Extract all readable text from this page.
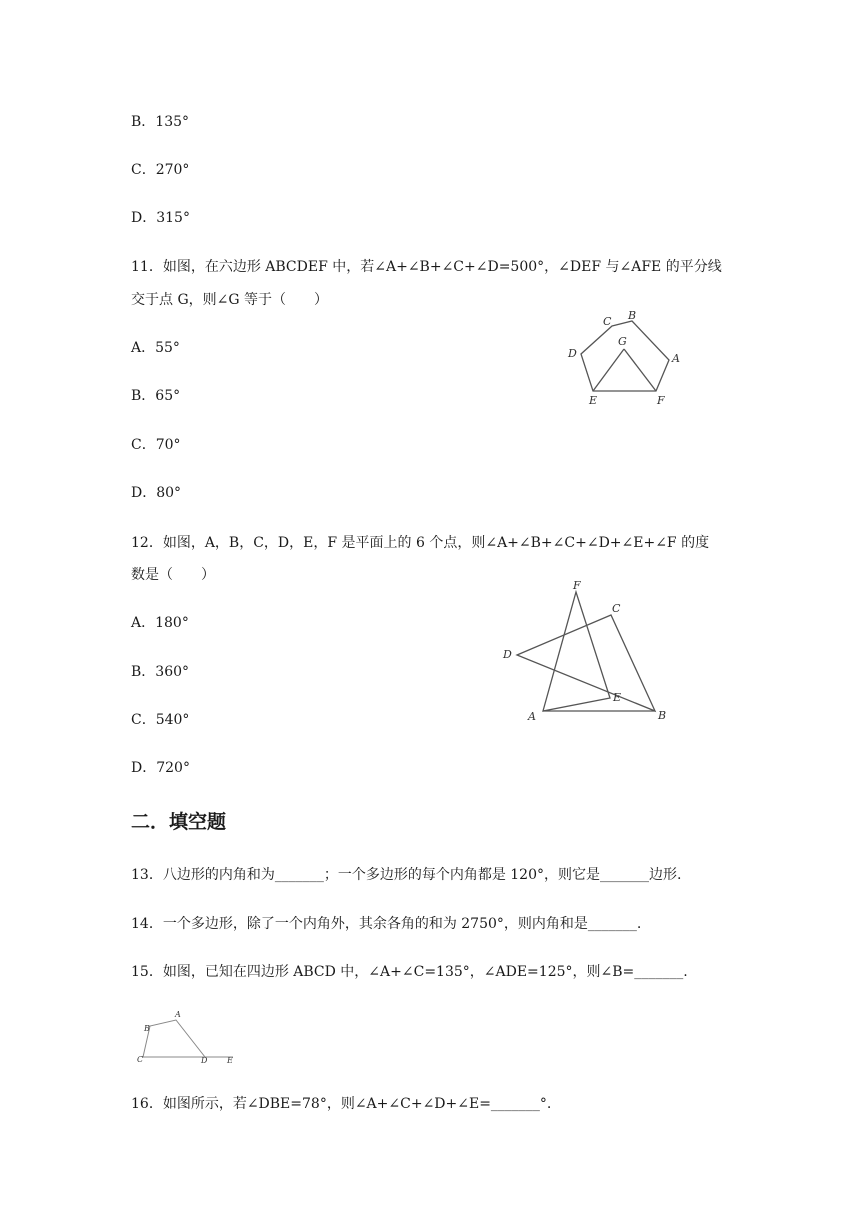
B．135°
C．270°
D．315°
11．如图，在六边形 ABCDEF 中，若∠A+∠B+∠C+∠D=500°，∠DEF 与∠AFE 的平分线
交于点 G，则∠G 等于（　　）
A．55°
B．65°
C．70°
D．80°
C B
D
G
A
E	F
12．如图，A，B，C，D，E，F 是平面上的 6 个点，则∠A+∠B+∠C+∠D+∠E+∠F 的度
数是（　　）
A．180°
B．360°
C．540°
D．720°
F
C
D
E
A	B
二．填空题
13．八边形的内角和为_______；一个多边形的每个内角都是 120°，则它是_______边形.
14．一个多边形，除了一个内角外，其余各角的和为 2750°，则内角和是_______.
15．如图，已知在四边形 ABCD 中，∠A+∠C=135°，∠ADE=125°，则∠B=_______.
A
B
C	D E
16．如图所示，若∠DBE=78°，则∠A+∠C+∠D+∠E=_______°.
